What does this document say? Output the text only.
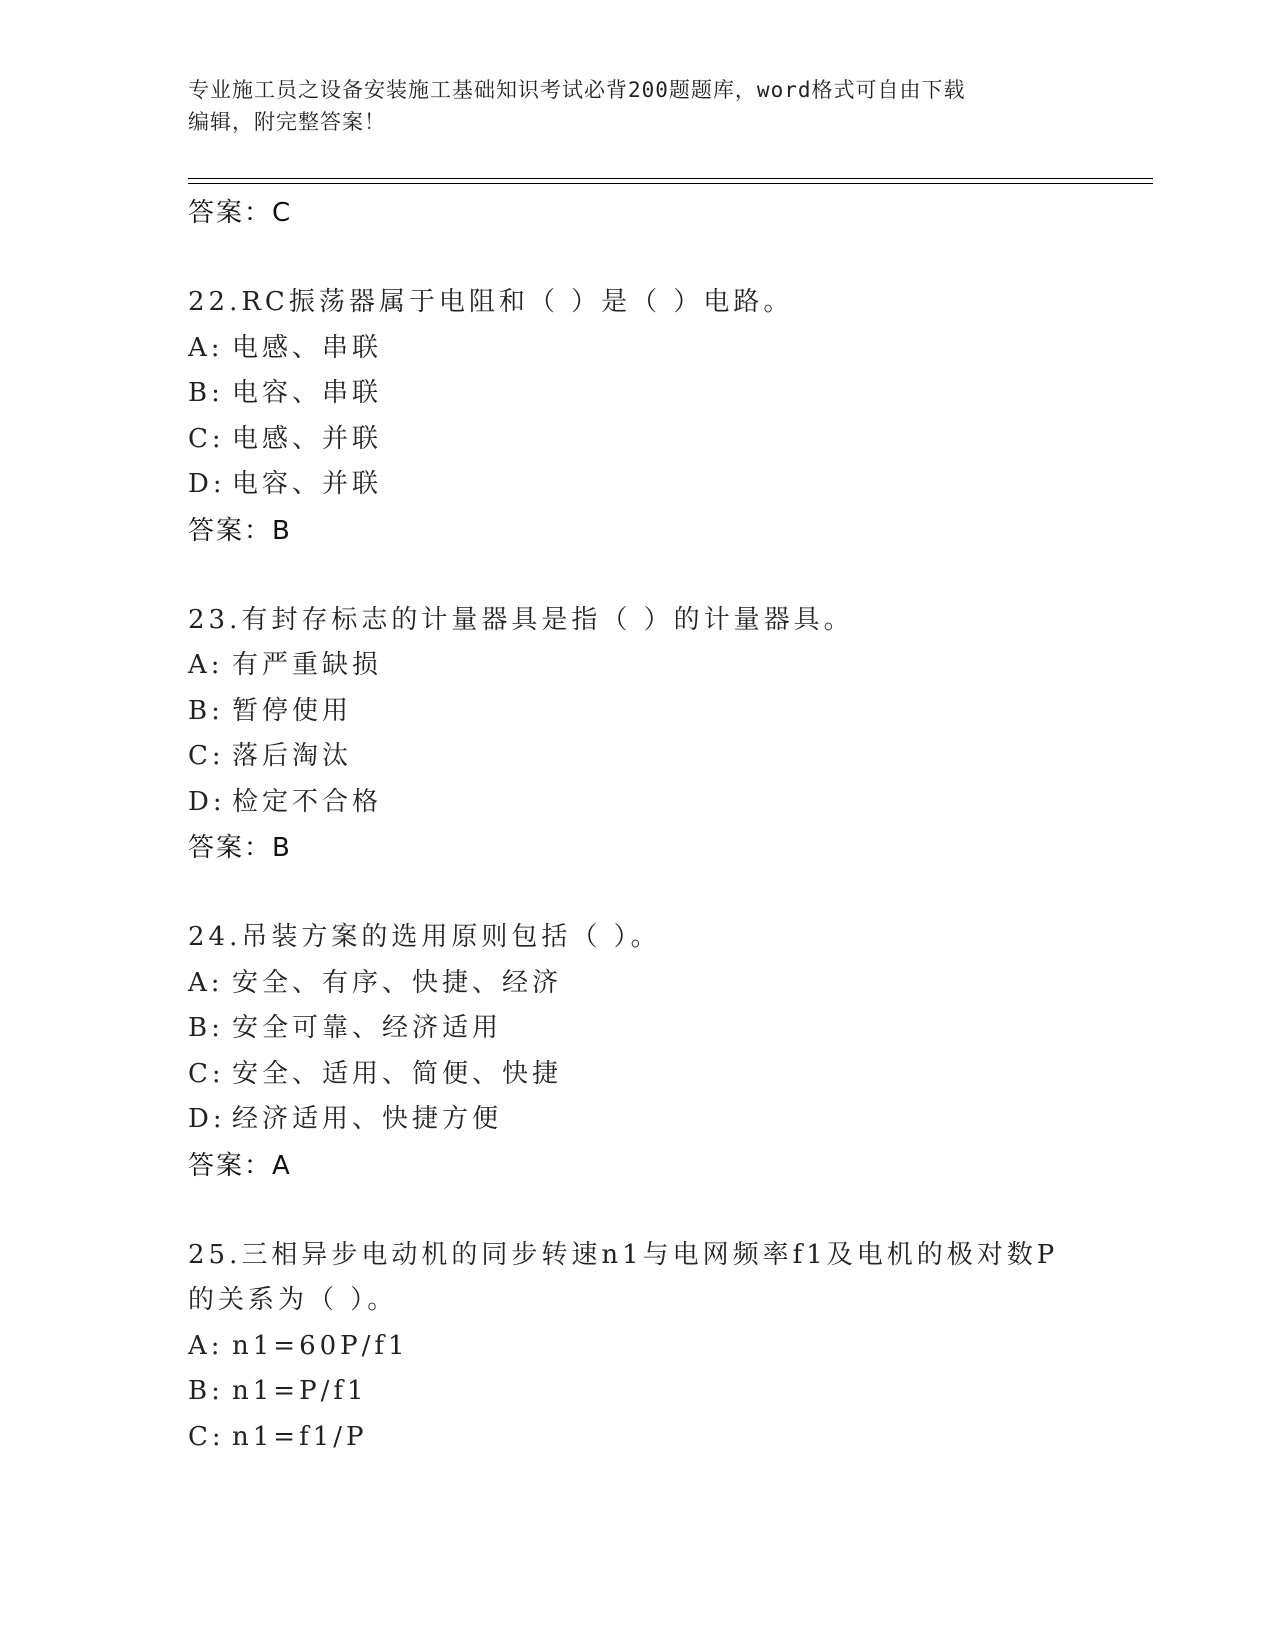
专业施工员之设备安装施工基础知识考试必背200题题库，word格式可自由下载
编辑，附完整答案！
答案：C
22.RC振荡器属于电阻和（ ）是（ ）电路。
A: 电感、串联
B: 电容、串联
C: 电感、并联
D: 电容、并联
答案：B
23.有封存标志的计量器具是指（ ）的计量器具。
A: 有严重缺损
B: 暂停使用
C: 落后淘汰
D: 检定不合格
答案：B
24.吊装方案的选用原则包括（ ）。
A: 安全、有序、快捷、经济
B: 安全可靠、经济适用
C: 安全、适用、简便、快捷
D: 经济适用、快捷方便
答案：A
25.三相异步电动机的同步转速n1与电网频率f1及电机的极对数P的关系为（ ）。
A: n1=60P/f1
B: n1=P/f1
C: n1=f1/P
